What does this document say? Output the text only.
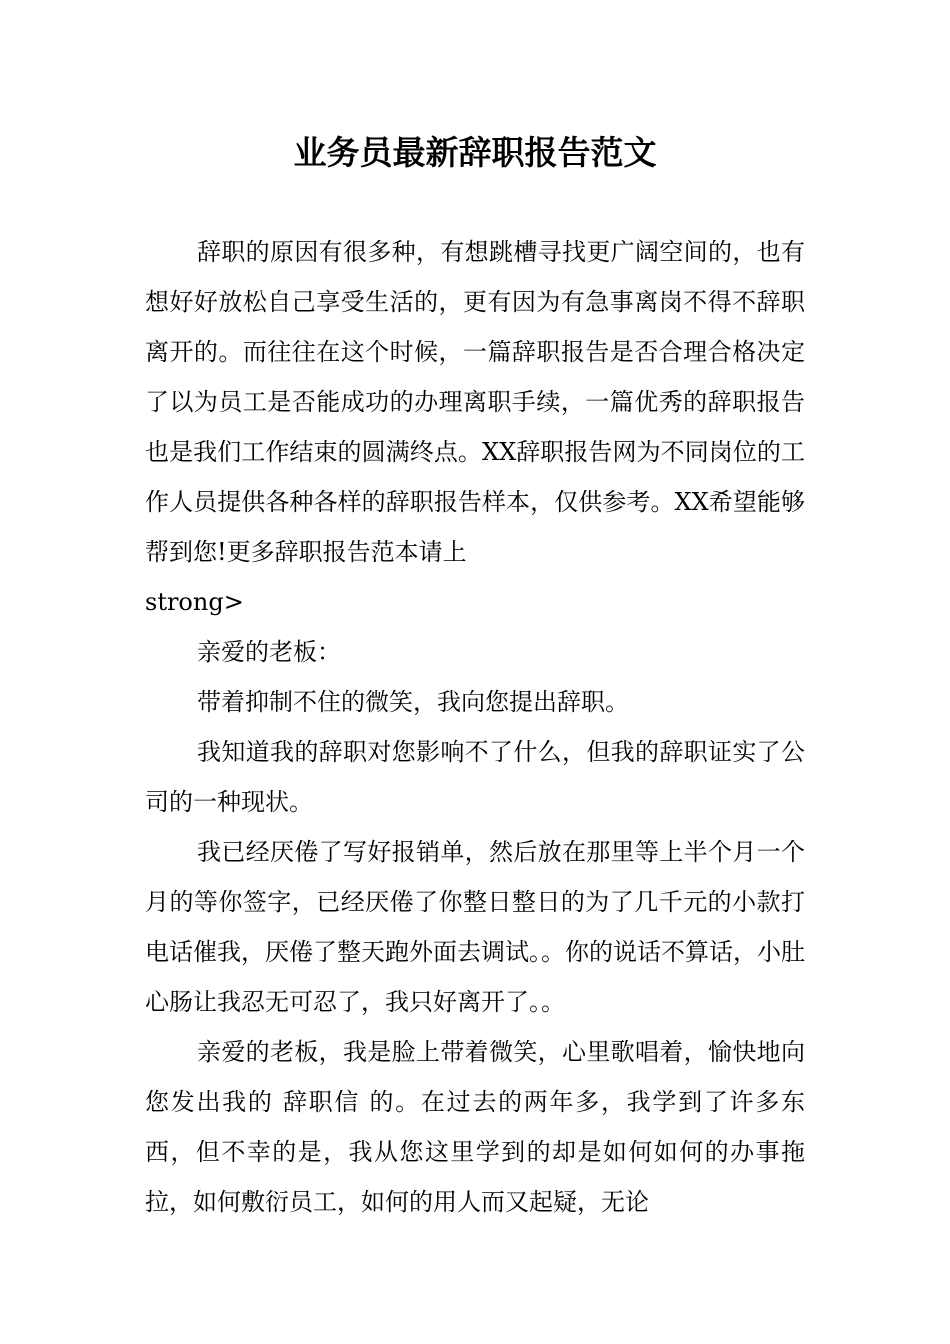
业务员最新辞职报告范文

辞职的原因有很多种，有想跳槽寻找更广阔空间的，也有想好好放松自己享受生活的，更有因为有急事离岗不得不辞职离开的。而往往在这个时候，一篇辞职报告是否合理合格决定了以为员工是否能成功的办理离职手续，一篇优秀的辞职报告也是我们工作结束的圆满终点。XX辞职报告网为不同岗位的工作人员提供各种各样的辞职报告样本，仅供参考。XX希望能够帮到您!更多辞职报告范本请上

strong>

亲爱的老板：

带着抑制不住的微笑，我向您提出辞职。

我知道我的辞职对您影响不了什么，但我的辞职证实了公司的一种现状。

我已经厌倦了写好报销单，然后放在那里等上半个月一个月的等你签字，已经厌倦了你整日整日的为了几千元的小款打电话催我，厌倦了整天跑外面去调试。。你的说话不算话，小肚心肠让我忍无可忍了，我只好离开了。。

亲爱的老板，我是脸上带着微笑，心里歌唱着，愉快地向您发出我的 辞职信 的。在过去的两年多，我学到了许多东西，但不幸的是，我从您这里学到的却是如何如何的办事拖拉，如何敷衍员工，如何的用人而又起疑，无论
